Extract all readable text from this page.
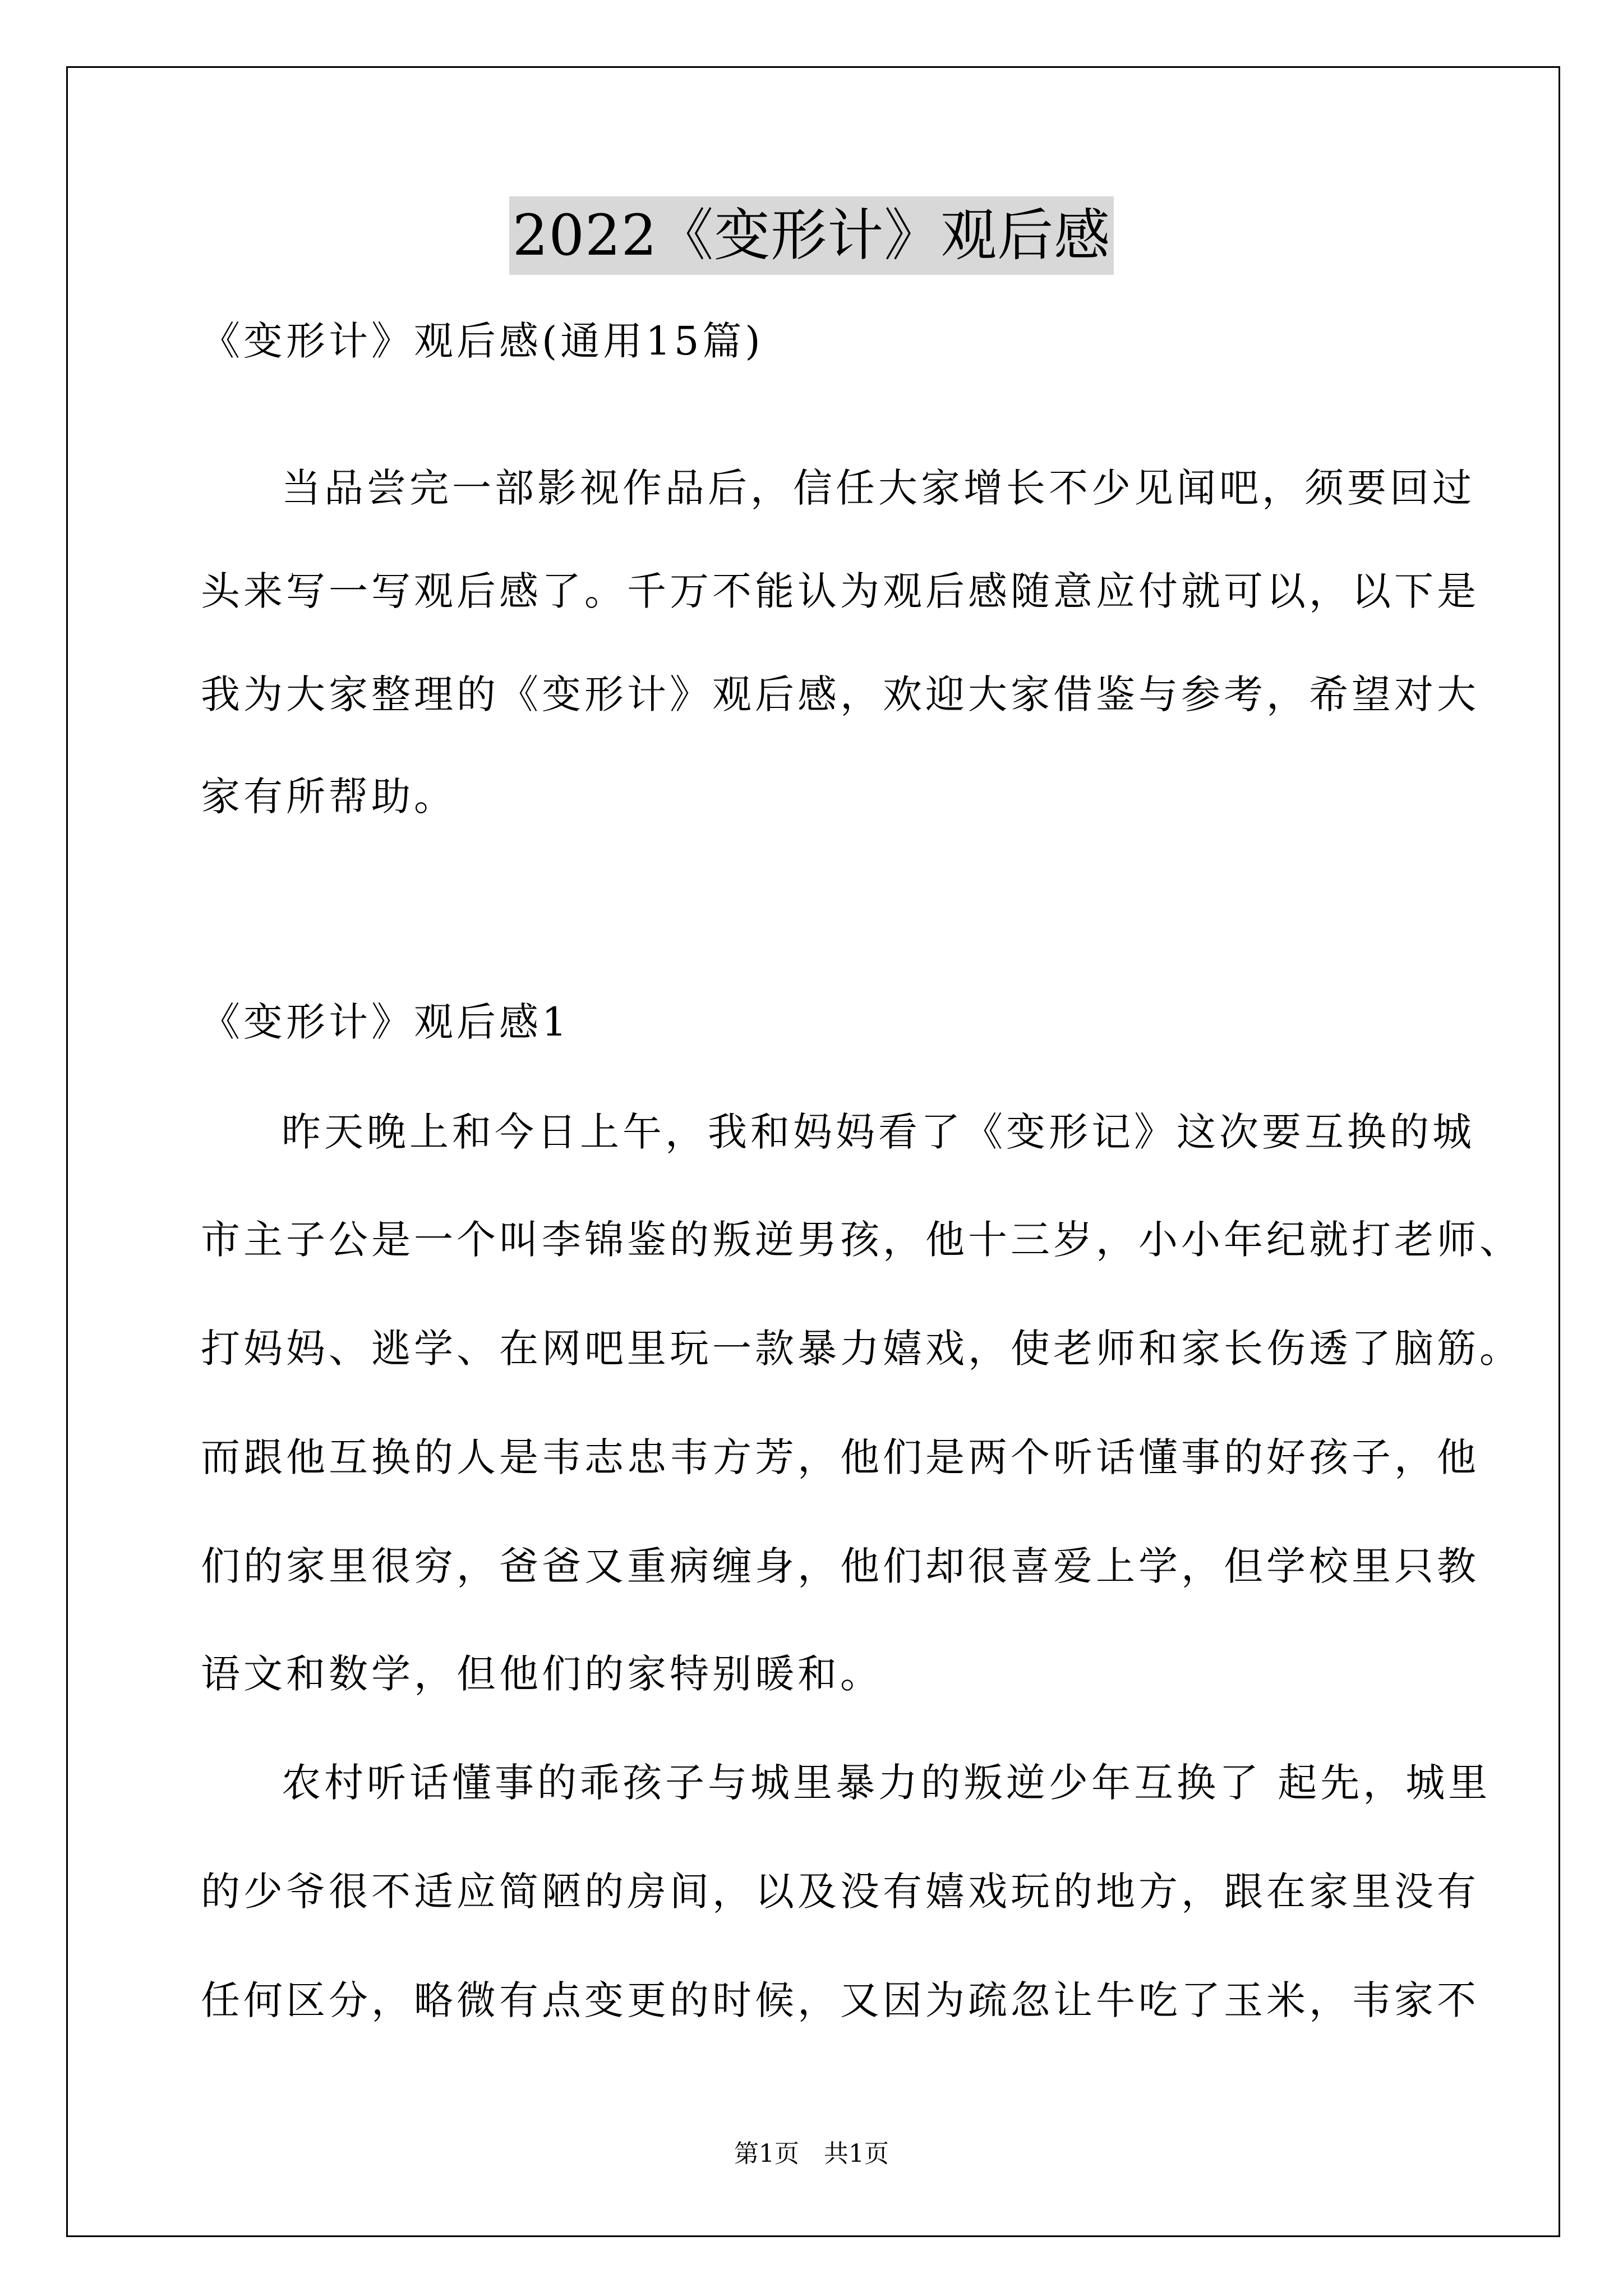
2022《变形计》观后感
《变形计》观后感(通用15篇)
当品尝完一部影视作品后，信任大家增长不少见闻吧，须要回过
头来写一写观后感了。千万不能认为观后感随意应付就可以，以下是
我为大家整理的《变形计》观后感，欢迎大家借鉴与参考，希望对大
家有所帮助。
《变形计》观后感1
昨天晚上和今日上午，我和妈妈看了《变形记》这次要互换的城
市主子公是一个叫李锦鉴的叛逆男孩，他十三岁，小小年纪就打老师、
打妈妈、逃学、在网吧里玩一款暴力嬉戏，使老师和家长伤透了脑筋。
而跟他互换的人是韦志忠韦方芳，他们是两个听话懂事的好孩子，他
们的家里很穷，爸爸又重病缠身，他们却很喜爱上学，但学校里只教
语文和数学，但他们的家特别暖和。
农村听话懂事的乖孩子与城里暴力的叛逆少年互换了 起先，城里
的少爷很不适应简陋的房间，以及没有嬉戏玩的地方，跟在家里没有
任何区分，略微有点变更的时候，又因为疏忽让牛吃了玉米，韦家不
第1页 共1页
